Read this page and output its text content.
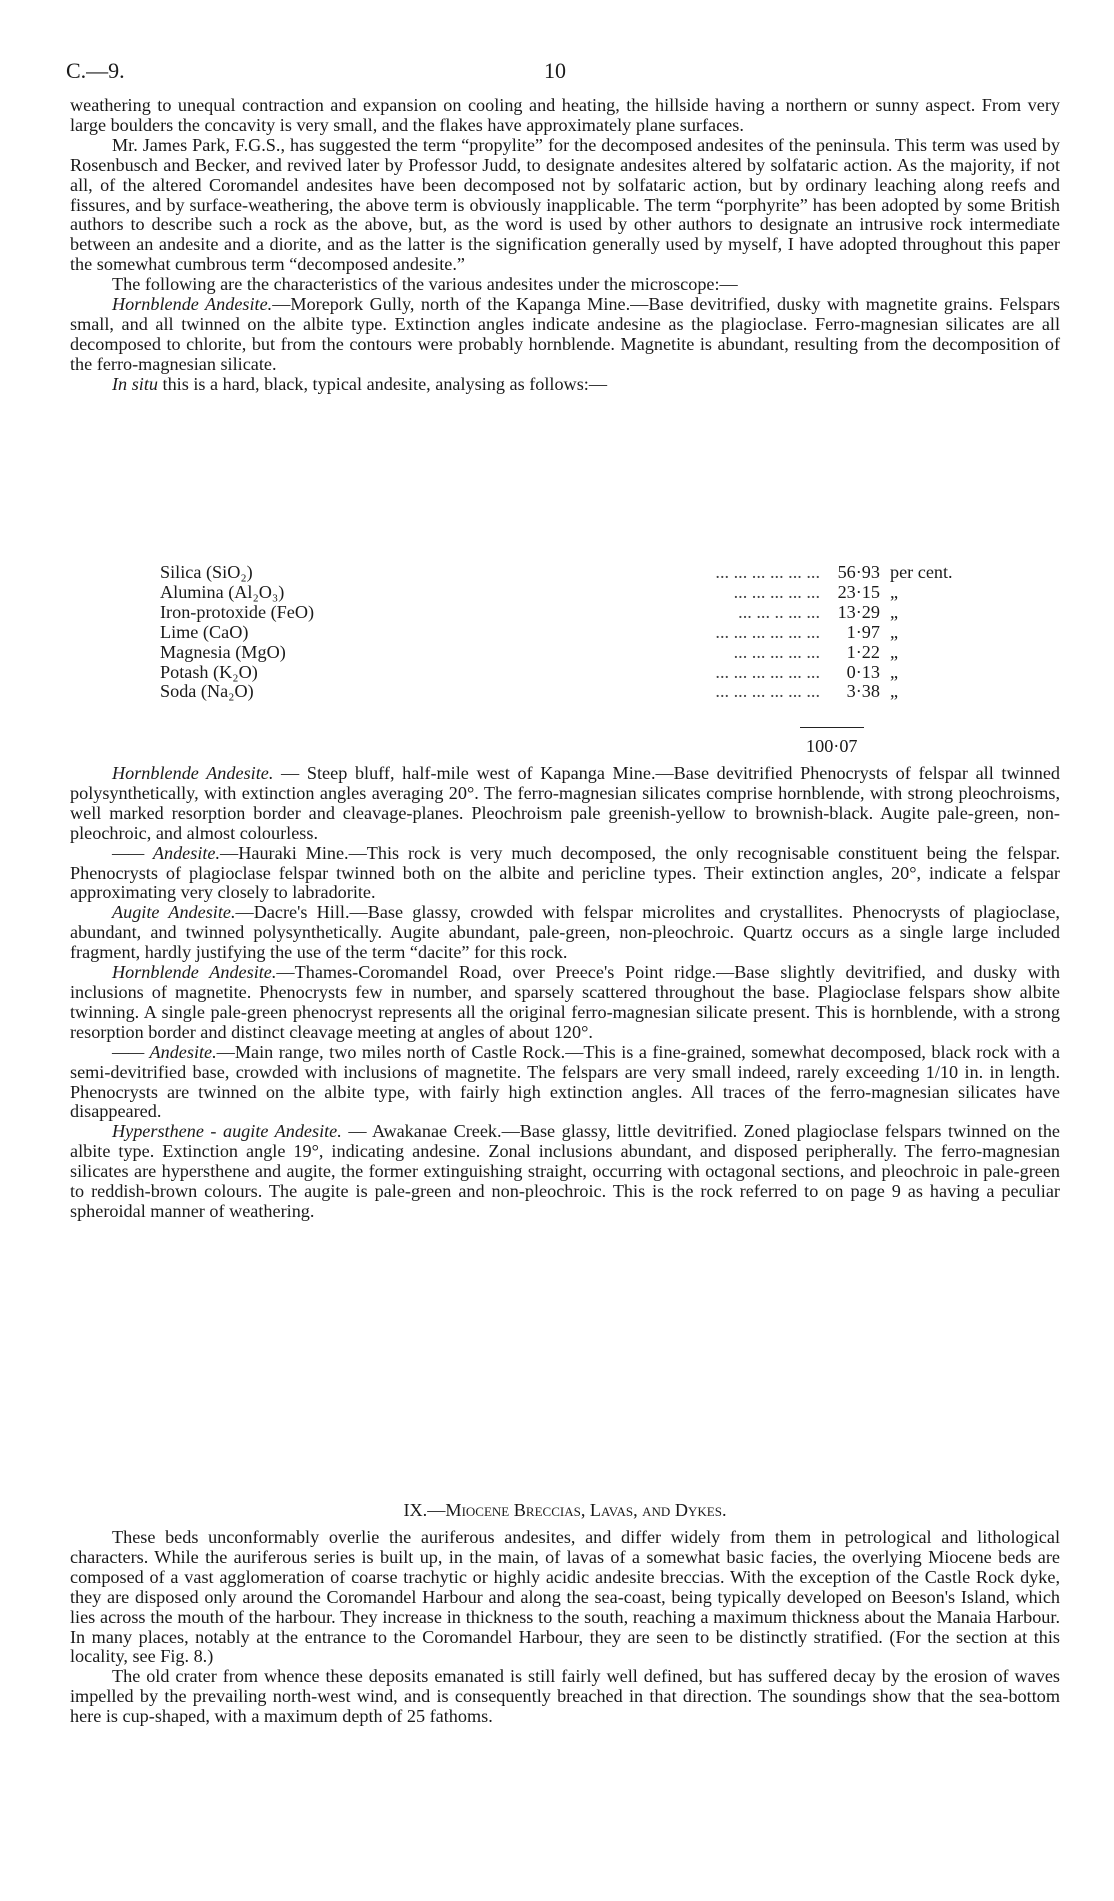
C.—9.	10

weathering to unequal contraction and expansion on cooling and heating, the hillside having a northern or sunny aspect. From very large boulders the concavity is very small, and the flakes have approximately plane surfaces.

Mr. James Park, F.G.S., has suggested the term “propylite” for the decomposed andesites of the peninsula. This term was used by Rosenbusch and Becker, and revived later by Professor Judd, to designate andesites altered by solfataric action. As the majority, if not all, of the altered Coromandel andesites have been decomposed not by solfataric action, but by ordinary leaching along reefs and fissures, and by surface-weathering, the above term is obviously inapplicable. The term “porphyrite” has been adopted by some British authors to describe such a rock as the above, but, as the word is used by other authors to designate an intrusive rock intermediate between an andesite and a diorite, and as the latter is the signification generally used by myself, I have adopted throughout this paper the somewhat cumbrous term “decomposed andesite.”

The following are the characteristics of the various andesites under the microscope:—

Hornblende Andesite.—Morepork Gully, north of the Kapanga Mine.—Base devitrified, dusky with magnetite grains. Felspars small, and all twinned on the albite type. Extinction angles indicate andesine as the plagioclase. Ferro-magnesian silicates are all decomposed to chlorite, but from the contours were probably hornblende. Magnetite is abundant, resulting from the decomposition of the ferro-magnesian silicate.

In situ this is a hard, black, typical andesite, analysing as follows:—

Silica (SiO₂)	... ... ... ... ... ...	56·93	per cent.
Alumina (Al₂O₃)	... ... ... ... ...	23·15	„
Iron-protoxide (FeO)	... ... .. ... ...	13·29	„
Lime (CaO)	... ... ... ... ... ...	1·97	„
Magnesia (MgO)	... ... ... ... ...	1·22	„
Potash (K₂O)	... ... ... ... ... ...	0·13	„
Soda (Na₂O)	... ... ... ... ... ...	3·38	„
100·07

Hornblende Andesite. — Steep bluff, half-mile west of Kapanga Mine.—Base devitrified Phenocrysts of felspar all twinned polysynthetically, with extinction angles averaging 20°. The ferro-magnesian silicates comprise hornblende, with strong pleochroisms, well marked resorption border and cleavage-planes. Pleochroism pale greenish-yellow to brownish-black. Augite pale-green, non-pleochroic, and almost colourless.

—— Andesite.—Hauraki Mine.—This rock is very much decomposed, the only recognisable constituent being the felspar. Phenocrysts of plagioclase felspar twinned both on the albite and pericline types. Their extinction angles, 20°, indicate a felspar approximating very closely to labradorite.

Augite Andesite.—Dacre's Hill.—Base glassy, crowded with felspar microlites and crystallites. Phenocrysts of plagioclase, abundant, and twinned polysynthetically. Augite abundant, pale-green, non-pleochroic. Quartz occurs as a single large included fragment, hardly justifying the use of the term “dacite” for this rock.

Hornblende Andesite.—Thames-Coromandel Road, over Preece's Point ridge.—Base slightly devitrified, and dusky with inclusions of magnetite. Phenocrysts few in number, and sparsely scattered throughout the base. Plagioclase felspars show albite twinning. A single pale-green phenocryst represents all the original ferro-magnesian silicate present. This is hornblende, with a strong resorption border and distinct cleavage meeting at angles of about 120°.

—— Andesite.—Main range, two miles north of Castle Rock.—This is a fine-grained, somewhat decomposed, black rock with a semi-devitrified base, crowded with inclusions of magnetite. The felspars are very small indeed, rarely exceeding 1/10 in. in length. Phenocrysts are twinned on the albite type, with fairly high extinction angles. All traces of the ferro-magnesian silicates have disappeared.

Hypersthene - augite Andesite. — Awakanae Creek.—Base glassy, little devitrified. Zoned plagioclase felspars twinned on the albite type. Extinction angle 19°, indicating andesine. Zonal inclusions abundant, and disposed peripherally. The ferro-magnesian silicates are hypersthene and augite, the former extinguishing straight, occurring with octagonal sections, and pleochroic in pale-green to reddish-brown colours. The augite is pale-green and non-pleochroic. This is the rock referred to on page 9 as having a peculiar spheroidal manner of weathering.

IX.—Miocene Breccias, Lavas, and Dykes.

These beds unconformably overlie the auriferous andesites, and differ widely from them in petrological and lithological characters. While the auriferous series is built up, in the main, of lavas of a somewhat basic facies, the overlying Miocene beds are composed of a vast agglomeration of coarse trachytic or highly acidic andesite breccias. With the exception of the Castle Rock dyke, they are disposed only around the Coromandel Harbour and along the sea-coast, being typically developed on Beeson's Island, which lies across the mouth of the harbour. They increase in thickness to the south, reaching a maximum thickness about the Manaia Harbour. In many places, notably at the entrance to the Coromandel Harbour, they are seen to be distinctly stratified. (For the section at this locality, see Fig. 8.)

The old crater from whence these deposits emanated is still fairly well defined, but has suffered decay by the erosion of waves impelled by the prevailing north-west wind, and is consequently breached in that direction. The soundings show that the sea-bottom here is cup-shaped, with a maximum depth of 25 fathoms.
